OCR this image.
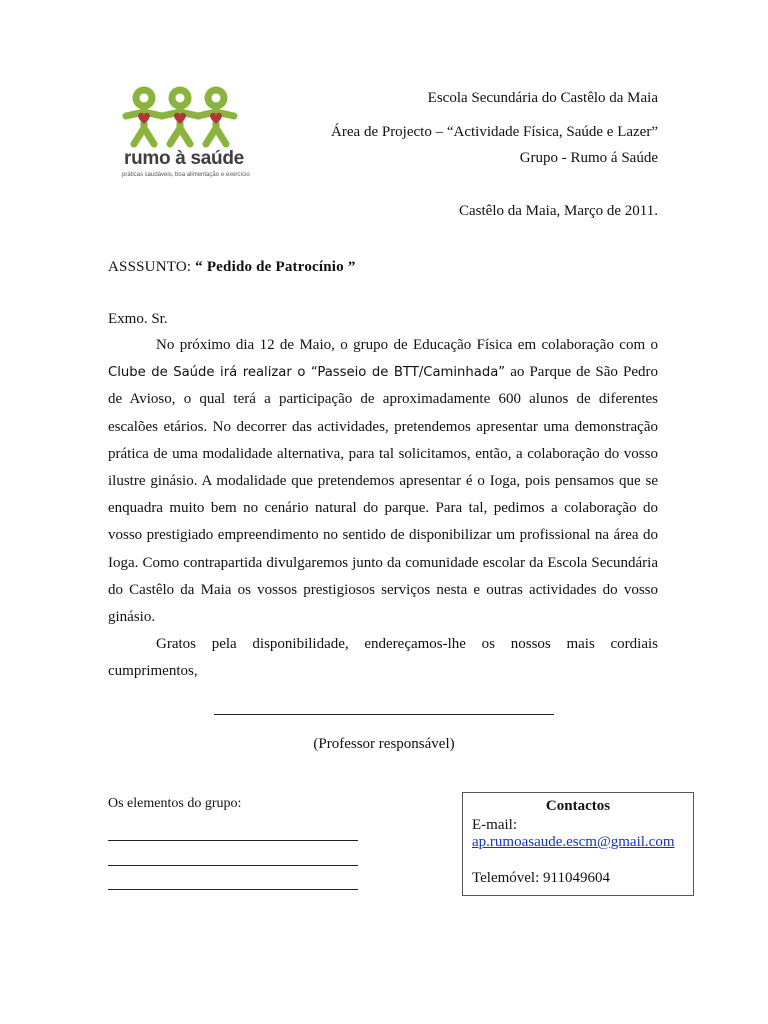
rumo à saúde
práticas saudáveis, boa alimentação e exercício
Escola Secundária do Castêlo da Maia
Área de Projecto – “Actividade Física, Saúde e Lazer”
Grupo - Rumo á Saúde
Castêlo da Maia, Março de 2011.
ASSSUNTO: “ Pedido de Patrocínio ”
Exmo. Sr.

No próximo dia 12 de Maio, o grupo de Educação Física em colaboração com o Clube de Saúde irá realizar o “Passeio de BTT/Caminhada” ao Parque de São Pedro de Avioso, o qual terá a participação de aproximadamente 600 alunos de diferentes escalões etários. No decorrer das actividades, pretendemos apresentar uma demonstração prática de uma modalidade alternativa, para tal solicitamos, então, a colaboração do vosso ilustre ginásio. A modalidade que pretendemos apresentar é o Ioga, pois pensamos que se enquadra muito bem no cenário natural do parque. Para tal, pedimos a colaboração do vosso prestigiado empreendimento no sentido de disponibilizar um profissional na área do Ioga. Como contrapartida divulgaremos junto da comunidade escolar da Escola Secundária do Castêlo da Maia os vossos prestigiosos serviços nesta e outras actividades do vosso ginásio.

Gratos pela disponibilidade, endereçamos-lhe os nossos mais cordiais cumprimentos,

(Professor responsável)
Os elementos do grupo:	Contactos
E-mail:
ap.rumoasaude.escm@gmail.com
Telemóvel: 911049604
